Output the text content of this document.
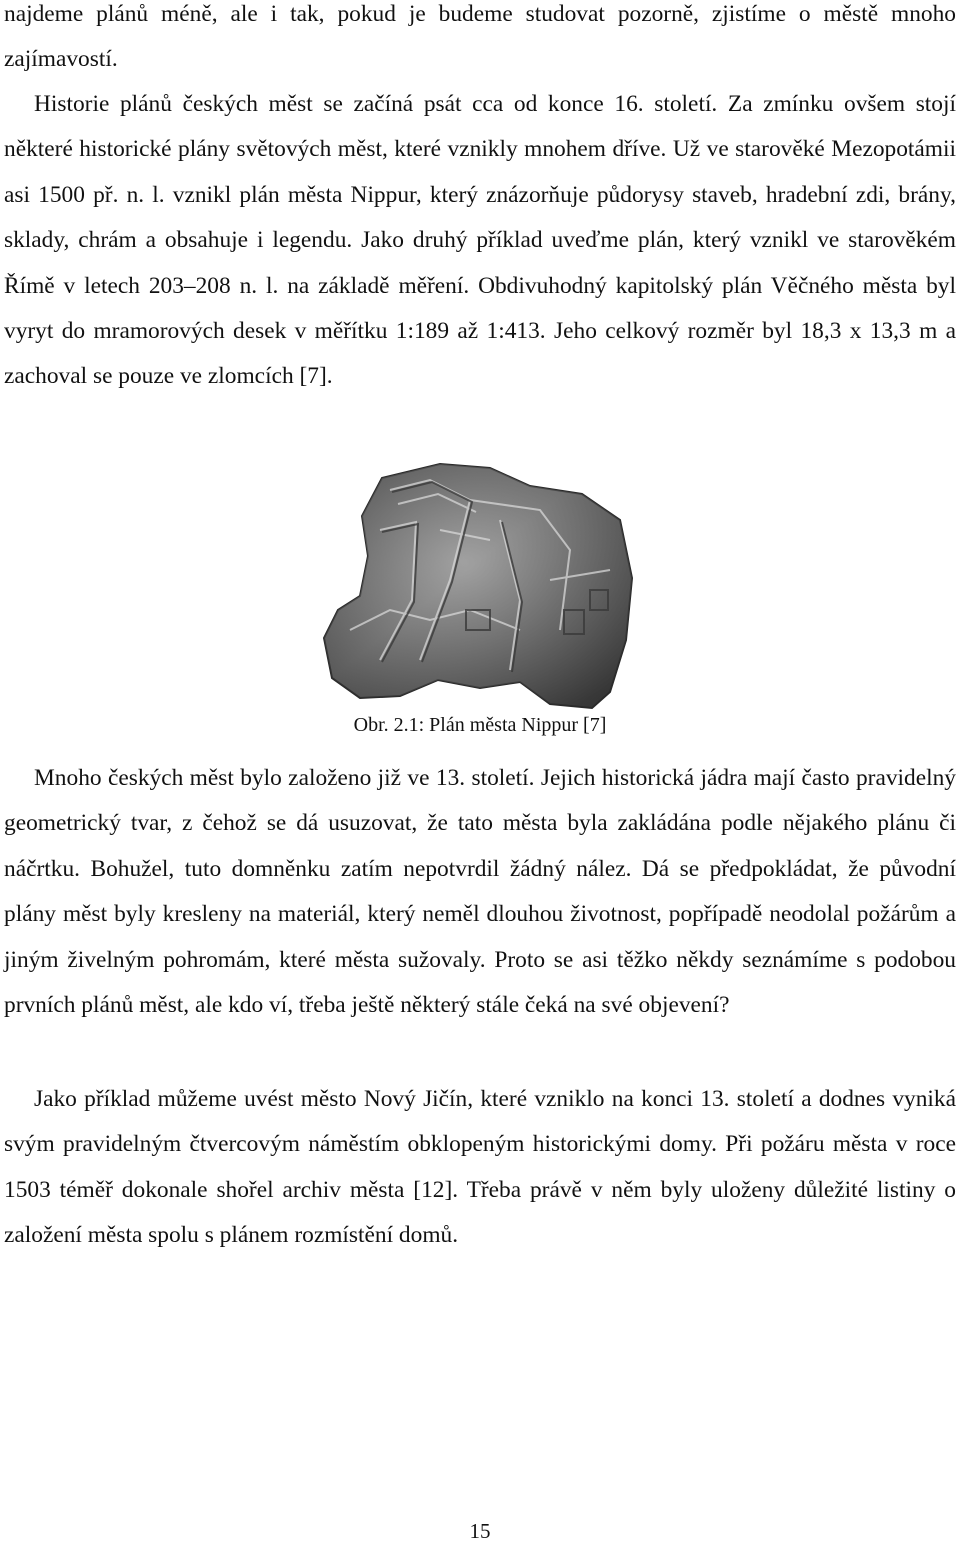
najdeme plánů méně, ale i tak, pokud je budeme studovat pozorně, zjistíme o městě mnoho zajímavostí.

Historie plánů českých měst se začíná psát cca od konce 16. století. Za zmínku ovšem stojí některé historické plány světových měst, které vznikly mnohem dříve. Už ve starověké Mezopotámii asi 1500 př. n. l. vznikl plán města Nippur, který znázorňuje půdorysy staveb, hradební zdi, brány, sklady, chrám a obsahuje i legendu. Jako druhý příklad uveďme plán, který vznikl ve starověkém Římě v letech 203–208 n. l. na základě měření. Obdivuhodný kapitolský plán Věčného města byl vyryt do mramorových desek v měřítku 1:189 až 1:413. Jeho celkový rozměr byl 18,3 x 13,3 m a zachoval se pouze ve zlomcích [7].

Obr. 2.1: Plán města Nippur [7]

Mnoho českých měst bylo založeno již ve 13. století. Jejich historická jádra mají často pravidelný geometrický tvar, z čehož se dá usuzovat, že tato města byla zakládána podle nějakého plánu či náčrtku. Bohužel, tuto domněnku zatím nepotvrdil žádný nález. Dá se předpokládat, že původní plány měst byly kresleny na materiál, který neměl dlouhou životnost, popřípadě neodolal požárům a jiným živelným pohromám, které města sužovaly. Proto se asi těžko někdy seznámíme s podobou prvních plánů měst, ale kdo ví, třeba ještě některý stále čeká na své objevení?

Jako příklad můžeme uvést město Nový Jičín, které vzniklo na konci 13. století a dodnes vyniká svým pravidelným čtvercovým náměstím obklopeným historickými domy. Při požáru města v roce 1503 téměř dokonale shořel archiv města [12]. Třeba právě v něm byly uloženy důležité listiny o založení města spolu s plánem rozmístění domů.

15
